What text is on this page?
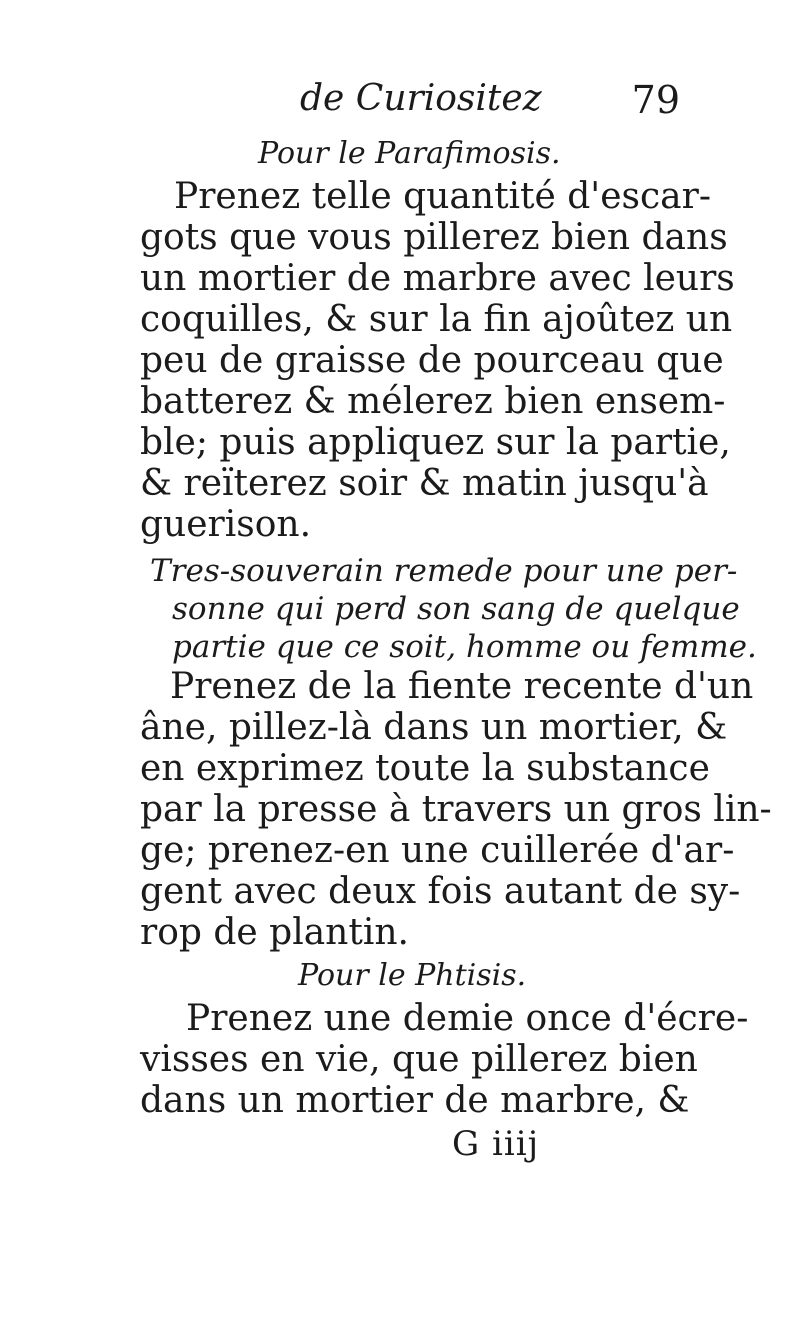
de Curiositez 79
Pour le Parafimosis.
Prenez telle quantité d'escar-
gots que vous pillerez bien dans
un mortier de marbre avec leurs
coquilles, & sur la fin ajoûtez un
peu de graisse de pourceau que
batterez & mélerez bien ensem-
ble; puis appliquez sur la partie,
& reïterez soir & matin jusqu'à
guerison.
Tres-souverain remede pour une per-
sonne qui perd son sang de quelque
partie que ce soit, homme ou femme.
Prenez de la fiente recente d'un
âne, pillez-là dans un mortier, &
en exprimez toute la substance
par la presse à travers un gros lin-
ge; prenez-en une cuillerée d'ar-
gent avec deux fois autant de sy-
rop de plantin.
Pour le Phtisis.
Prenez une demie once d'écre-
visses en vie, que pillerez bien
dans un mortier de marbre, &
G iiij
